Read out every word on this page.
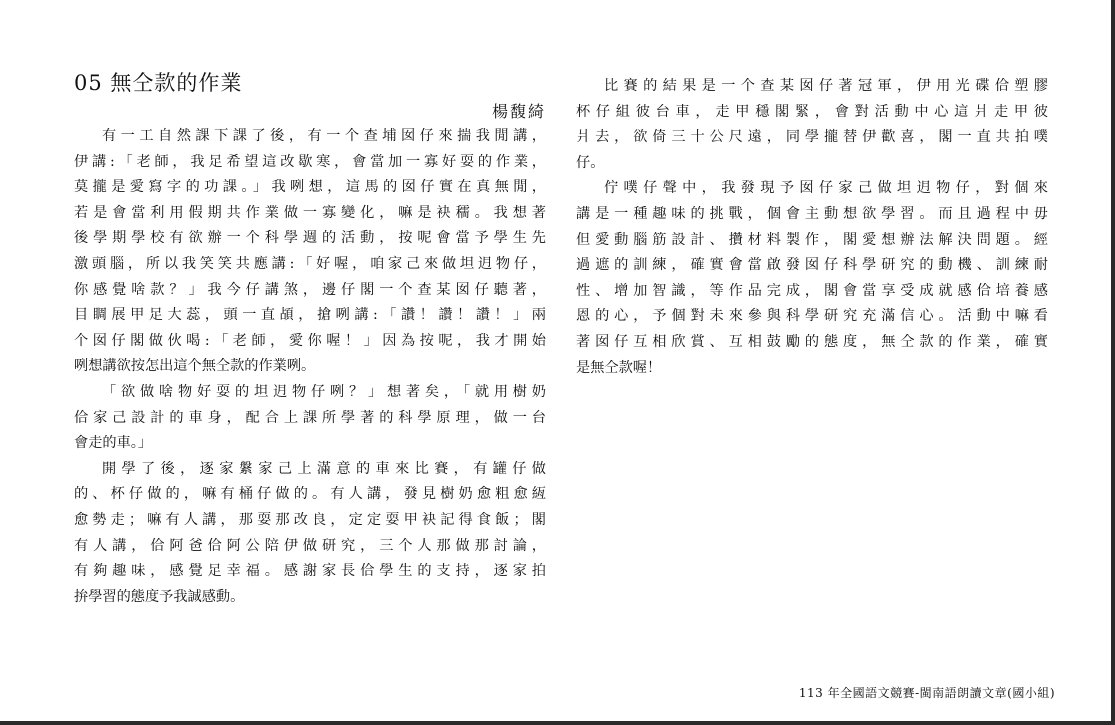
05 無仝款的作業

楊馥綺

有一工自然課下課了後，有一个查埔囡仔來揣我閒講，
伊講:「老師，我足希望這改歇寒，會當加一寡好耍的作業，
莫攏是愛寫字的功課。」我咧想，這馬的囡仔實在真無閒，
若是會當利用假期共作業做一寡變化，嘛是袂穤。我想著
後學期學校有欲辦一个科學週的活動，按呢會當予學生先
激頭腦，所以我笑笑共應講:「好喔，咱家己來做坦迌物仔，
你感覺啥款？」我今仔講煞，邊仔閣一个查某囡仔聽著，
目睭展甲足大蕊，頭一直頕，搶咧講:「讚！讚！讚！」兩
个囡仔閣做伙喝:「老師，愛你喔！」因為按呢，我才開始
咧想講欲按怎出這个無仝款的作業咧。
「欲做啥物好耍的坦迌物仔咧？」想著矣，「就用樹奶
佮家己設計的車身，配合上課所學著的科學原理，做一台
會走的車。」
開學了後，逐家縏家己上滿意的車來比賽，有罐仔做
的、杯仔做的，嘛有桶仔做的。有人講，發見樹奶愈粗愈絚
愈勢走；嘛有人講，那耍那改良，定定耍甲袂記得食飯；閣
有人講，佮阿爸佮阿公陪伊做研究，三个人那做那討論，
有夠趣味，感覺足幸福。感謝家長佮學生的支持，逐家拍
拚學習的態度予我誠感動。
比賽的結果是一个查某囡仔著冠軍，伊用光碟佮塑膠
杯仔組彼台車，走甲穩閣緊，會對活動中心這爿走甲彼
爿去，欲倚三十公尺遠，同學攏替伊歡喜，閣一直共拍噗
仔。
佇噗仔聲中，我發現予囡仔家己做坦迌物仔，對個來
講是一種趣味的挑戰，個會主動想欲學習。而且過程中毋
但愛動腦筋設計、攢材料製作，閣愛想辦法解決問題。經
過遮的訓練，確實會當啟發囡仔科學研究的動機、訓練耐
性、增加智識，等作品完成，閣會當享受成就感佮培養感
恩的心，予個對未來參與科學研究充滿信心。活動中嘛看
著囡仔互相欣賞、互相鼓勵的態度，無仝款的作業，確實
是無仝款喔！
113 年全國語文競賽-閩南語朗讀文章(國小組)
